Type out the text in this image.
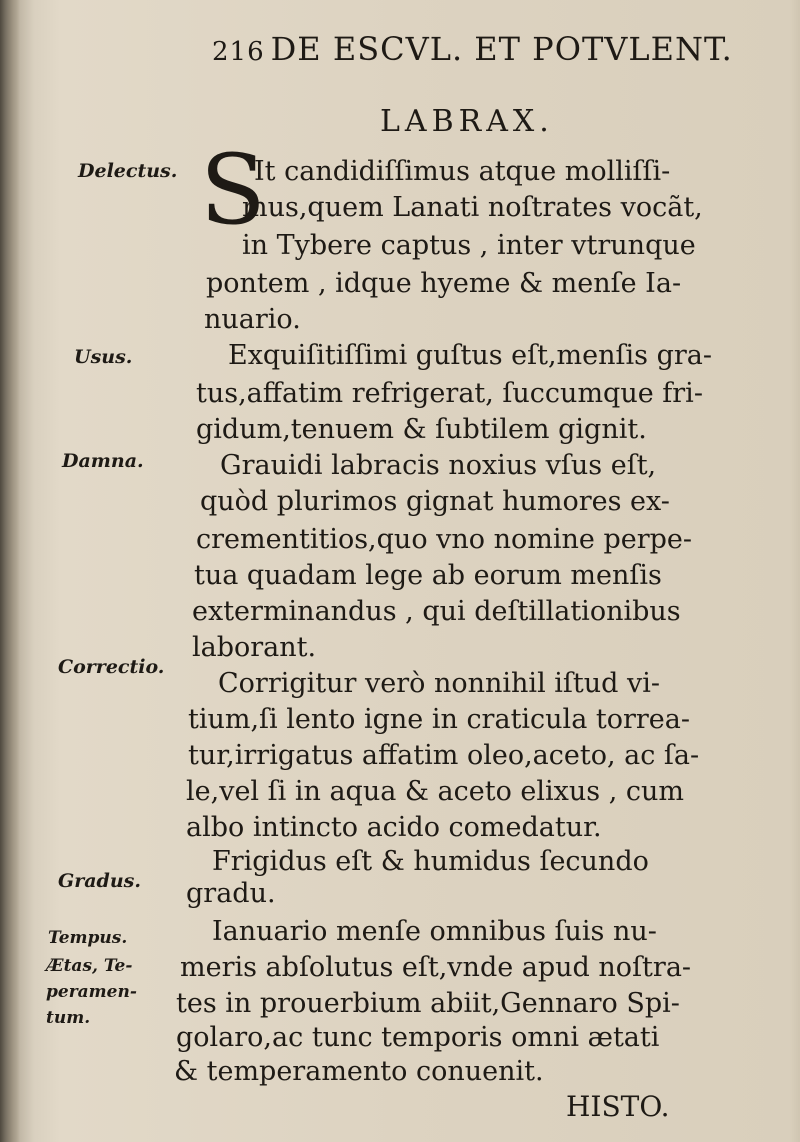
216 DE ESCVL. ET POTVLENT.
LABRAX.
S
Delectus.
Usus.
Damna.
Correctio.
Gradus.
Tempus.
Ætas, Te-
peramen-
tum.
It candidiſſimus atque molliſſi-
mus,quem Lanati noſtrates vocãt,
in Tybere captus , inter vtrunque
pontem , idque hyeme & menſe Ia-
nuario.
Exquiſitiſſimi guſtus eſt,menſis gra-
tus,affatim refrigerat, ſuccumque fri-
gidum,tenuem & ſubtilem gignit.
Grauidi labracis noxius vſus eſt,
quòd plurimos gignat humores ex-
crementitios,quo vno nomine perpe-
tua quadam lege ab eorum menſis
exterminandus , qui deſtillationibus
laborant.
Corrigitur verò nonnihil iſtud vi-
tium,ſi lento igne in craticula torrea-
tur,irrigatus affatim oleo,aceto, ac ſa-
le,vel ſi in aqua & aceto elixus , cum
albo intincto acido comedatur.
Frigidus eſt & humidus ſecundo
gradu.
Ianuario menſe omnibus ſuis nu-
meris abſolutus eſt,vnde apud noſtra-
tes in prouerbium abiit,Gennaro Spi-
golaro,ac tunc temporis omni ætati
& temperamento conuenit.
HISTO.
